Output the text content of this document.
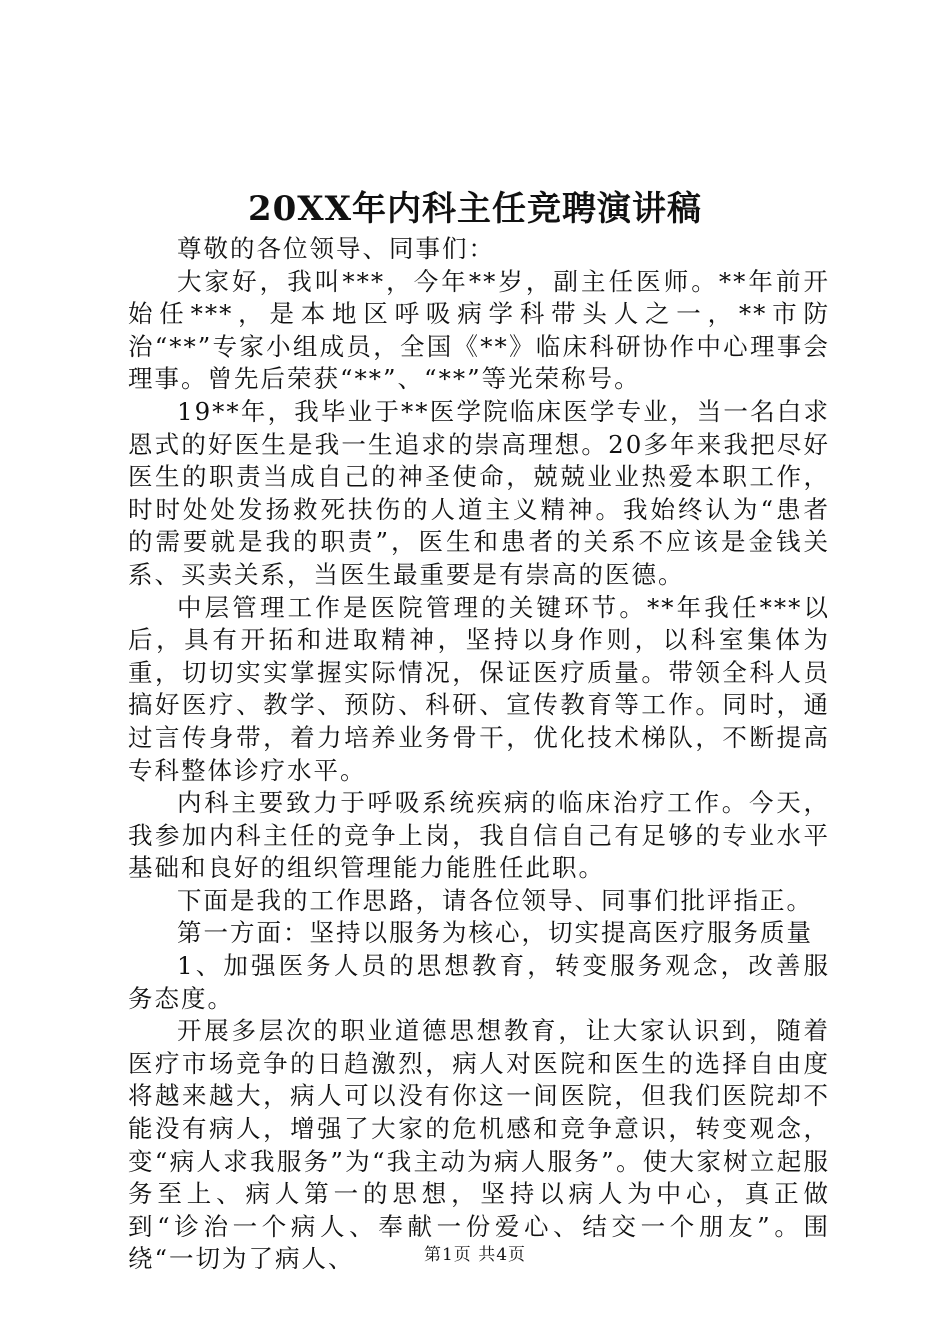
20XX年内科主任竞聘演讲稿

尊敬的各位领导、同事们：

大家好，我叫***，今年**岁，副主任医师。**年前开始任***，是本地区呼吸病学科带头人之一，**市防治“**”专家小组成员，全国《**》临床科研协作中心理事会理事。曾先后荣获“**”、“**”等光荣称号。

19**年，我毕业于**医学院临床医学专业，当一名白求恩式的好医生是我一生追求的崇高理想。20多年来我把尽好医生的职责当成自己的神圣使命，兢兢业业热爱本职工作，时时处处发扬救死扶伤的人道主义精神。我始终认为“患者的需要就是我的职责”，医生和患者的关系不应该是金钱关系、买卖关系，当医生最重要是有崇高的医德。

中层管理工作是医院管理的关键环节。**年我任***以后，具有开拓和进取精神，坚持以身作则，以科室集体为重，切切实实掌握实际情况，保证医疗质量。带领全科人员搞好医疗、教学、预防、科研、宣传教育等工作。同时，通过言传身带，着力培养业务骨干，优化技术梯队，不断提高专科整体诊疗水平。

内科主要致力于呼吸系统疾病的临床治疗工作。今天，我参加内科主任的竞争上岗，我自信自己有足够的专业水平基础和良好的组织管理能力能胜任此职。

下面是我的工作思路，请各位领导、同事们批评指正。

第一方面：坚持以服务为核心，切实提高医疗服务质量

1、加强医务人员的思想教育，转变服务观念，改善服务态度。

开展多层次的职业道德思想教育，让大家认识到，随着医疗市场竞争的日趋激烈，病人对医院和医生的选择自由度将越来越大，病人可以没有你这一间医院，但我们医院却不能没有病人，增强了大家的危机感和竞争意识，转变观念，变“病人求我服务”为“我主动为病人服务”。使大家树立起服务至上、病人第一的思想，坚持以病人为中心，真正做到“诊治一个病人、奉献一份爱心、结交一个朋友”。围绕“一切为了病人、	第1页 共4页
